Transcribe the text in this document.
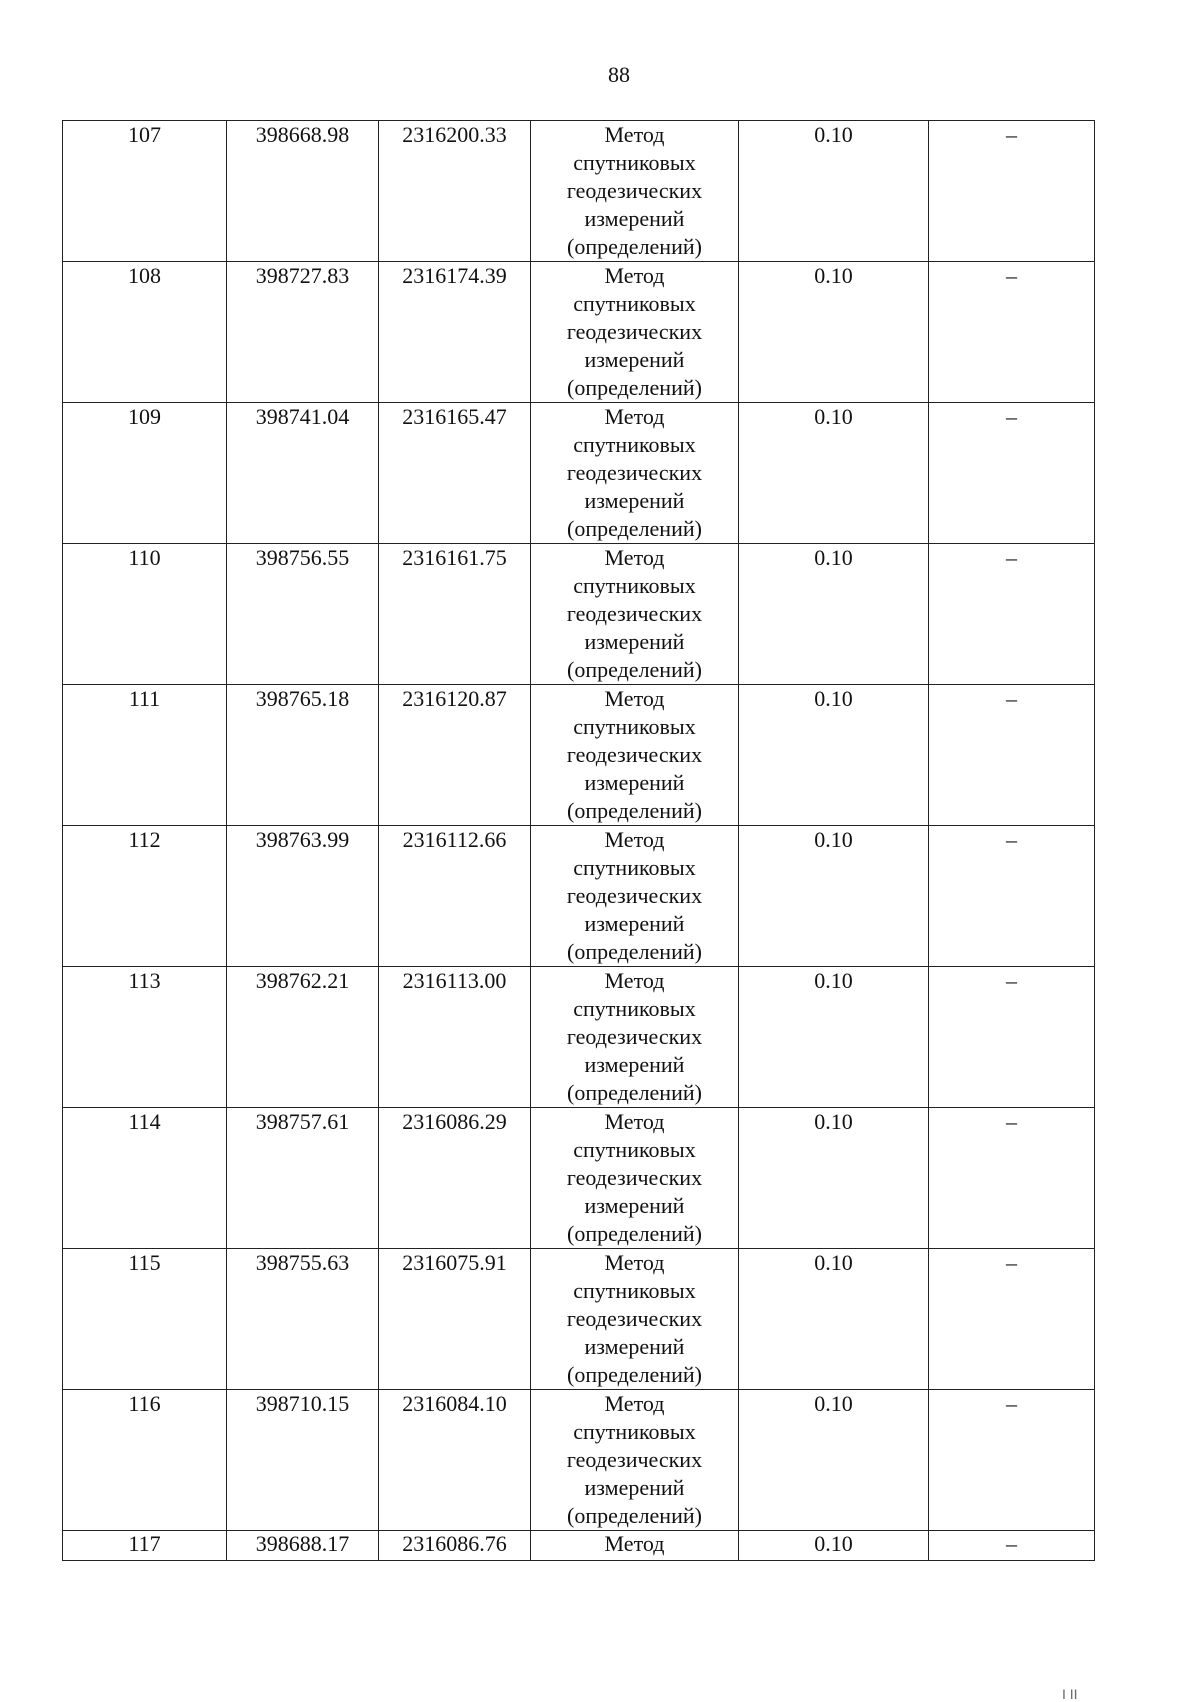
88
107	398668.98	2316200.33	Метод
спутниковых
геодезических
измерений
(определений)	0.10	–
108	398727.83	2316174.39	Метод
спутниковых
геодезических
измерений
(определений)	0.10	–
109	398741.04	2316165.47	Метод
спутниковых
геодезических
измерений
(определений)	0.10	–
110	398756.55	2316161.75	Метод
спутниковых
геодезических
измерений
(определений)	0.10	–
111	398765.18	2316120.87	Метод
спутниковых
геодезических
измерений
(определений)	0.10	–
112	398763.99	2316112.66	Метод
спутниковых
геодезических
измерений
(определений)	0.10	–
113	398762.21	2316113.00	Метод
спутниковых
геодезических
измерений
(определений)	0.10	–
114	398757.61	2316086.29	Метод
спутниковых
геодезических
измерений
(определений)	0.10	–
115	398755.63	2316075.91	Метод
спутниковых
геодезических
измерений
(определений)	0.10	–
116	398710.15	2316084.10	Метод
спутниковых
геодезических
измерений
(определений)	0.10	–
117	398688.17	2316086.76	Метод	0.10	–
I II
